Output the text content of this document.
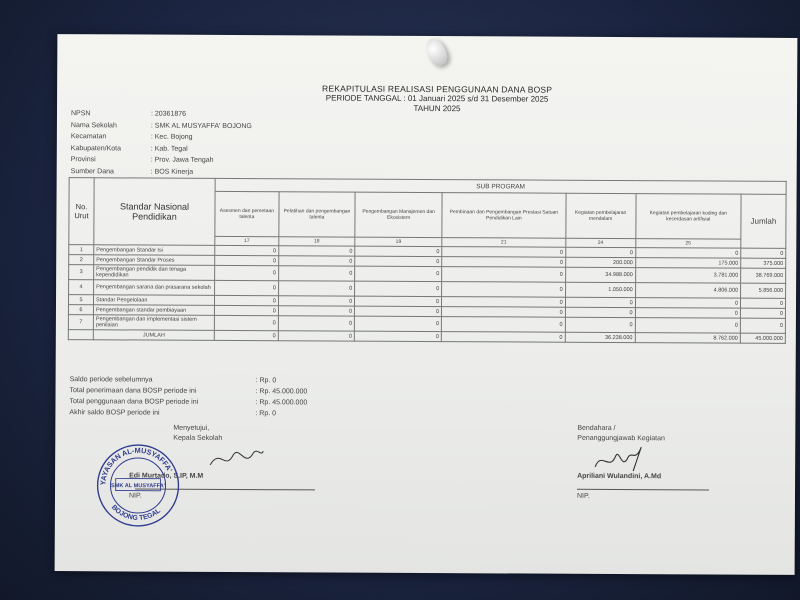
REKAPITULASI REALISASI PENGGUNAAN DANA BOSP
PERIODE TANGGAL : 01 Januari 2025 s/d 31 Desember 2025
TAHUN 2025
NPSN	: 20361876
Nama Sekolah	: SMK AL MUSYAFFA' BOJONG
Kecamatan	: Kec. Bojong
Kabupaten/Kota	: Kab. Tegal
Provinsi	: Prov. Jawa Tengah
Sumber Dana	: BOS Kinerja
No. Urut	Standar Nasional Pendidikan	SUB PROGRAM						
		Asesmen dan pemetaan talenta	Pelatihan dan pengembangan talenta	Pengembangan Manajemen dan Ekosistem	Pembinaan dan Pengembangan Prestasi Satuan Pendidikan Lain	Kegiatan pembelajaran mendalam	Kegiatan pembelajaran koding dan kecerdasan artifisial	Jumlah
		17	18	19	21	24	25	
1	Pengembangan Standar Isi	0	0	0	0	0	0	0
2	Pengembangan Standar Proses	0	0	0	0	200.000	175.000	375.000
3	Pengembangan pendidik dan tenaga kependidikan	0	0	0	0	34.988.000	3.781.000	38.769.000
4	Pengembangan sarana dan prasarana sekolah	0	0	0	0	1.050.000	4.806.000	5.856.000
5	Standar Pengelolaan	0	0	0	0	0	0	0
6	Pengembangan standar pembiayaan	0	0	0	0	0	0	0
7	Pengembangan dan implementasi sistem penilaian	0	0	0	0	0	0	0
	JUMLAH	0	0	0	0	36.238.000	8.762.000	45.000.000
Saldo periode sebelumnya	: Rp. 0
Total penerimaan dana BOSP periode ini	: Rp. 45.000.000
Total penggunaan dana BOSP periode ini	: Rp. 45.000.000
Akhir saldo BOSP periode ini	: Rp. 0
Menyetujui,
Kepala Sekolah
Edi Murtado, S.IP, M.M
NIP.
YAYASAN AL-MUSYAFFA'
BOJONG TEGAL
SMK AL MUSYAFFA'
Bendahara /
Penanggungjawab Kegiatan
Apriliani Wulandini, A.Md
NIP.
